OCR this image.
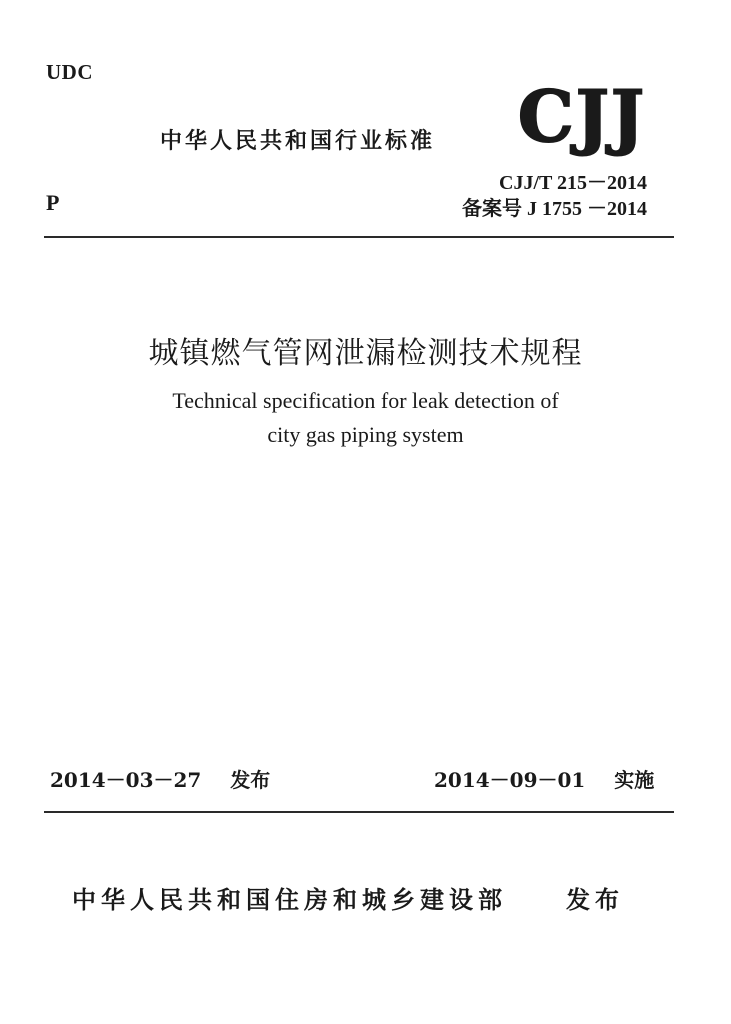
UDC
P
中华人民共和国行业标准 CJJ
CJJ/T 215－2014
备案号 J 1755 －2014
城镇燃气管网泄漏检测技术规程
Technical specification for leak detection of
city gas piping system
2014－03－27 发布	2014－09－01 实施
中华人民共和国住房和城乡建设部 发布
